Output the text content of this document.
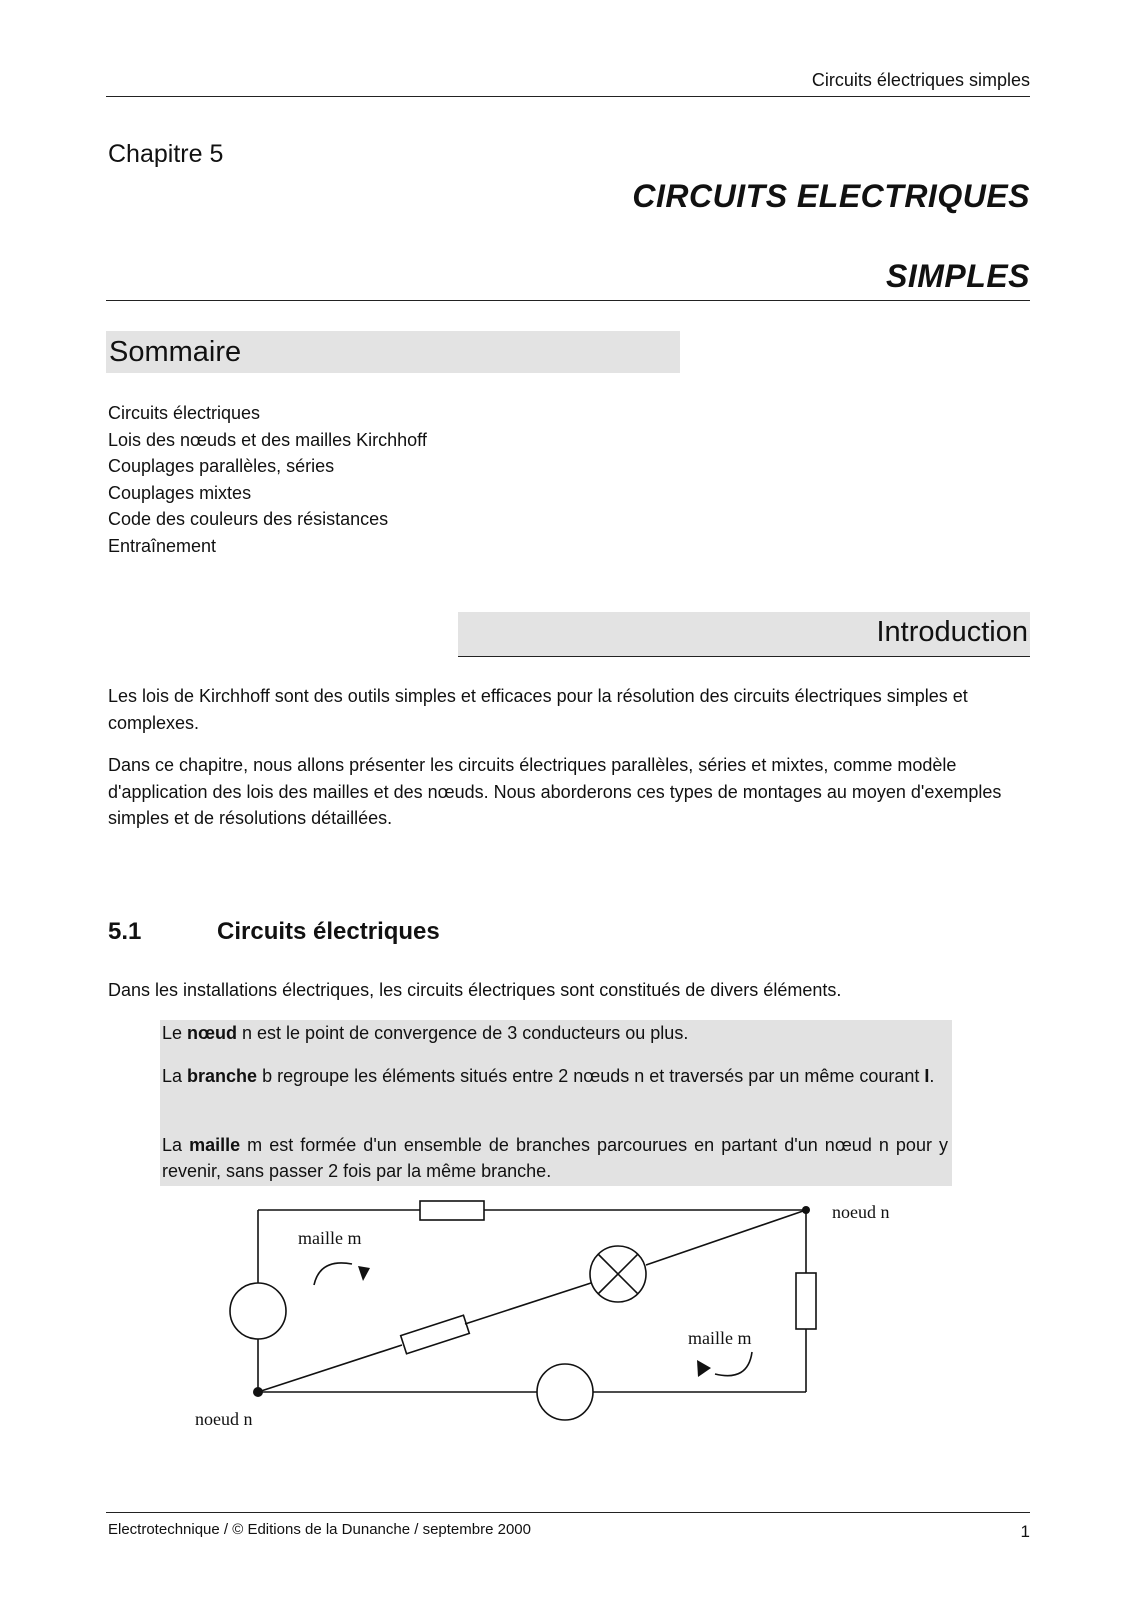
Circuits électriques simples
Chapitre 5
CIRCUITS ELECTRIQUES
SIMPLES
Sommaire
Circuits électriques
Lois des nœuds et des mailles Kirchhoff
Couplages parallèles, séries
Couplages mixtes
Code des couleurs des résistances
Entraînement
Introduction

Les lois de Kirchhoff sont des outils simples et efficaces pour la résolution des circuits électriques simples et complexes.

Dans ce chapitre, nous allons présenter les circuits électriques parallèles, séries et mixtes, comme modèle d'application des lois des mailles et des nœuds. Nous aborderons ces types de montages au moyen d'exemples simples et de résolutions détaillées.

5.1	Circuits électriques

Dans les installations électriques, les circuits électriques sont constitués de divers éléments.

Le nœud n est le point de convergence de 3 conducteurs ou plus.

La branche b regroupe les éléments situés entre 2 nœuds n et traversés par un même courant I.

La maille m est formée d'un ensemble de branches parcourues en partant d'un nœud n pour y revenir, sans passer 2 fois par la même branche.

noeud n
noeud n
maille m
maille m
Electrotechnique / © Editions de la Dunanche / septembre 2000	1
